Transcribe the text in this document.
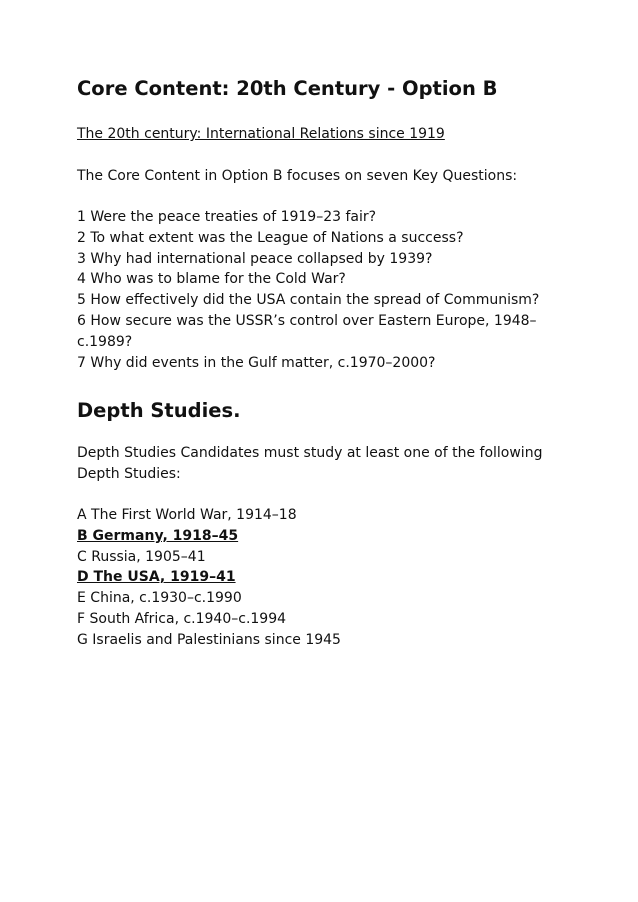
Core Content: 20th Century - Option B
The 20th century: International Relations since 1919
The Core Content in Option B focuses on seven Key Questions:
1 Were the peace treaties of 1919–23 fair?
2 To what extent was the League of Nations a success?
3 Why had international peace collapsed by 1939?
4 Who was to blame for the Cold War?
5 How effectively did the USA contain the spread of Communism?
6 How secure was the USSR’s control over Eastern Europe, 1948–c.1989?
7 Why did events in the Gulf matter, c.1970–2000?
Depth Studies.

Depth Studies Candidates must study at least one of the following Depth Studies:

A The First World War, 1914–18
B Germany, 1918–45
C Russia, 1905–41
D The USA, 1919–41
E China, c.1930–c.1990
F South Africa, c.1940–c.1994
G Israelis and Palestinians since 1945
